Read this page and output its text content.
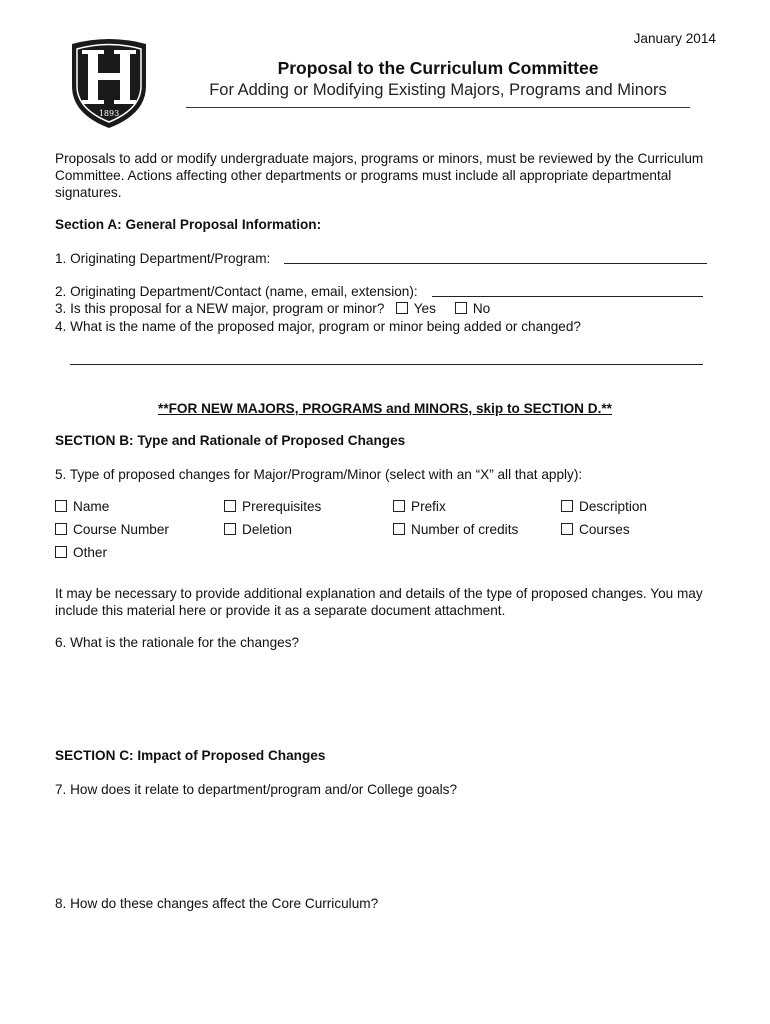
January 2014
1893
Proposal to the Curriculum Committee
For Adding or Modifying Existing Majors, Programs and Minors
Proposals to add or modify undergraduate majors, programs or minors, must be reviewed by the Curriculum Committee. Actions affecting other departments or programs must include all appropriate departmental signatures.
Section A: General Proposal Information:
1. Originating Department/Program:
2. Originating Department/Contact (name, email, extension):
3. Is this proposal for a NEW major, program or minor? Yes	No
4. What is the name of the proposed major, program or minor being added or changed?
**FOR NEW MAJORS, PROGRAMS and MINORS, skip to SECTION D.**
SECTION B: Type and Rationale of Proposed Changes
5. Type of proposed changes for Major/Program/Minor (select with an “X” all that apply):
Name	Prerequisites	Prefix	Description
Course Number	Deletion	Number of credits	Courses
Other
It may be necessary to provide additional explanation and details of the type of proposed changes. You may include this material here or provide it as a separate document attachment.
6. What is the rationale for the changes?
SECTION C: Impact of Proposed Changes
7. How does it relate to department/program and/or College goals?
8. How do these changes affect the Core Curriculum?
